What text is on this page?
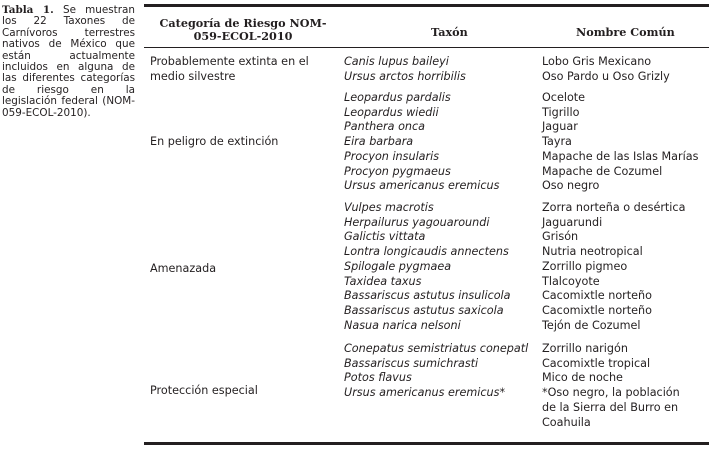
Tabla 1. Se muestran los 22 Taxones de Carnívoros terrestres nativos de México que están actualmente incluidos en alguna de las diferentes categorías de riesgo en la legislación federal (NOM-059-ECOL-2010).
Categoría de Riesgo NOM-059-ECOL-2010	Taxón	Nombre Común
Probablemente extinta en el medio silvestre
Canis lupus baileyi
Ursus arctos horribilis
Lobo Gris Mexicano
Oso Pardo u Oso Grizly
En peligro de extinción
Leopardus pardalis
Leopardus wiedii
Panthera onca
Eira barbara
Procyon insularis
Procyon pygmaeus
Ursus americanus eremicus
Ocelote
Tigrillo
Jaguar
Tayra
Mapache de las Islas Marías
Mapache de Cozumel
Oso negro
Amenazada
Vulpes macrotis
Herpailurus yagouaroundi
Galictis vittata
Lontra longicaudis annectens
Spilogale pygmaea
Taxidea taxus
Bassariscus astutus insulicola
Bassariscus astutus saxicola
Nasua narica nelsoni
Zorra norteña o desértica
Jaguarundi
Grisón
Nutria neotropical
Zorrillo pigmeo
Tlalcoyote
Cacomixtle norteño
Cacomixtle norteño
Tejón de Cozumel
Protección especial
Conepatus semistriatus conepatl
Bassariscus sumichrasti
Potos flavus
Ursus americanus eremicus*
Zorrillo narigón
Cacomixtle tropical
Mico de noche
*Oso negro, la población de la Sierra del Burro en Coahuila
